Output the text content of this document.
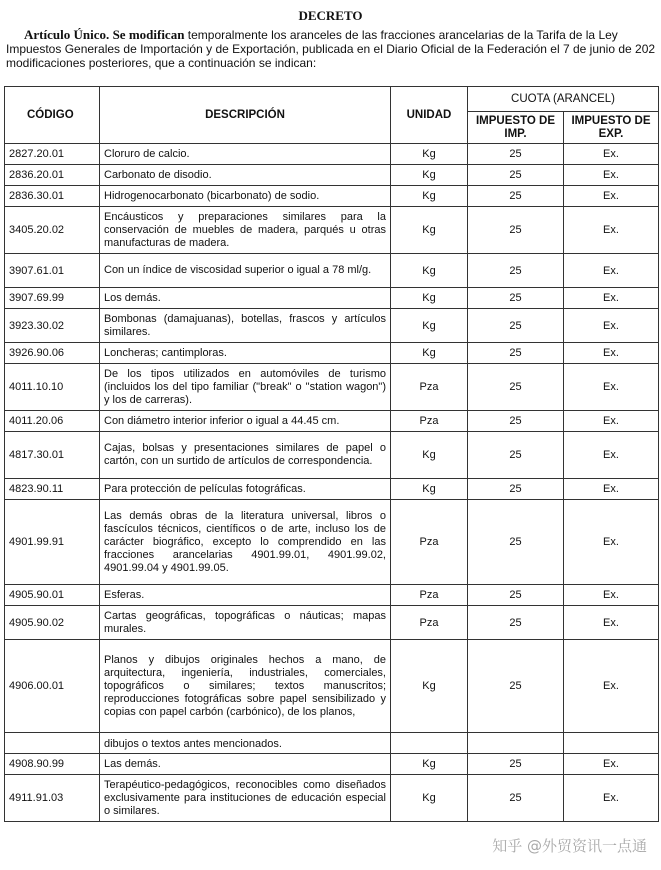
DECRETO
Artículo Único. Se modifican temporalmente los aranceles de las fracciones arancelarias de la Tarifa de la Ley
Impuestos Generales de Importación y de Exportación, publicada en el Diario Oficial de la Federación el 7 de junio de 202
modificaciones posteriores, que a continuación se indican:
CÓDIGO	DESCRIPCIÓN	UNIDAD	CUOTA (ARANCEL)	
			IMPUESTO DE IMP.	IMPUESTO DE EXP.
2827.20.01	Cloruro de calcio.	Kg	25	Ex.
2836.20.01	Carbonato de disodio.	Kg	25	Ex.
2836.30.01	Hidrogenocarbonato (bicarbonato) de sodio.	Kg	25	Ex.
3405.20.02	Encáusticos y preparaciones similares para la conservación de muebles de madera, parqués u otras manufacturas de madera.	Kg	25	Ex.
3907.61.01	Con un índice de viscosidad superior o igual a 78 ml/g.	Kg	25	Ex.
3907.69.99	Los demás.	Kg	25	Ex.
3923.30.02	Bombonas (damajuanas), botellas, frascos y artículos similares.	Kg	25	Ex.
3926.90.06	Loncheras; cantimploras.	Kg	25	Ex.
4011.10.10	De los tipos utilizados en automóviles de turismo (incluidos los del tipo familiar ("break" o "station wagon") y los de carreras).	Pza	25	Ex.
4011.20.06	Con diámetro interior inferior o igual a 44.45 cm.	Pza	25	Ex.
4817.30.01	Cajas, bolsas y presentaciones similares de papel o cartón, con un surtido de artículos de correspondencia.	Kg	25	Ex.
4823.90.11	Para protección de películas fotográficas.	Kg	25	Ex.
4901.99.91	Las demás obras de la literatura universal, libros o fascículos técnicos, científicos o de arte, incluso los de carácter biográfico, excepto lo comprendido en las fracciones arancelarias 4901.99.01, 4901.99.02, 4901.99.04 y 4901.99.05.	Pza	25	Ex.
4905.90.01	Esferas.	Pza	25	Ex.
4905.90.02	Cartas geográficas, topográficas o náuticas; mapas murales.	Pza	25	Ex.
4906.00.01	Planos y dibujos originales hechos a mano, de arquitectura, ingeniería, industriales, comerciales, topográficos o similares; textos manuscritos; reproducciones fotográficas sobre papel sensibilizado y copias con papel carbón (carbónico), de los planos,	Kg	25	Ex.
	dibujos o textos antes mencionados.			
4908.90.99	Las demás.	Kg	25	Ex.
4911.91.03	Terapéutico-pedagógicos, reconocibles como diseñados exclusivamente para instituciones de educación especial o similares.	Kg	25	Ex.
知乎 @外贸资讯一点通
